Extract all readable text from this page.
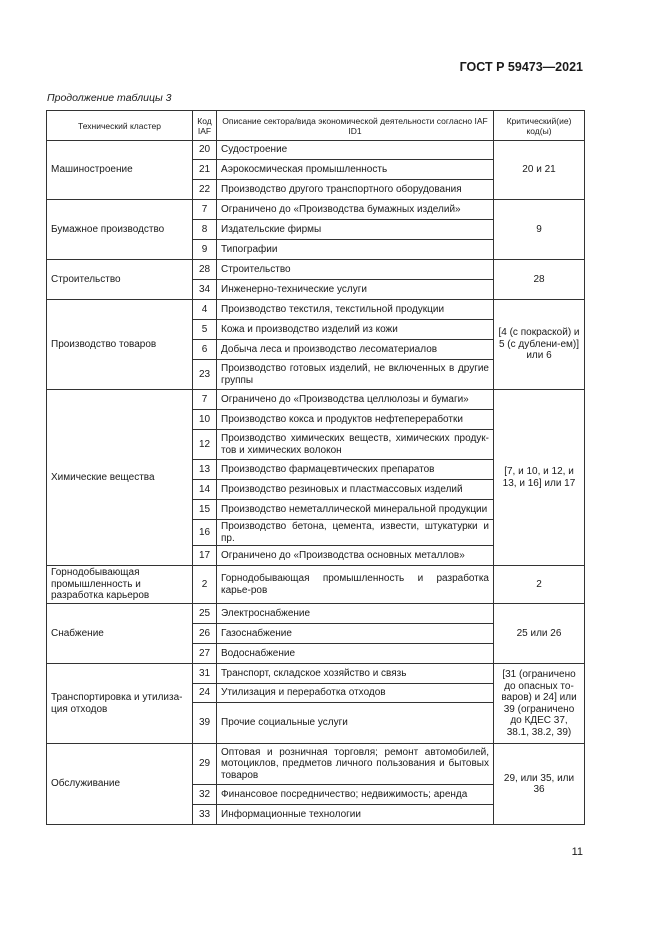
ГОСТ Р 59473—2021
Продолжение таблицы 3
Технический кластер	Код IAF	Описание сектора/вида экономической деятельности согласно IAF ID1	Критический(ие) код(ы)
Машиностроение	20	Судостроение	20 и 21
	21	Аэрокосмическая промышленность	
	22	Производство другого транспортного оборудования	
Бумажное производство	7	Ограничено до «Производства бумажных изделий»	9
	8	Издательские фирмы	
	9	Типографии	
Строительство	28	Строительство	28
	34	Инженерно-технические услуги	
Производство товаров	4	Производство текстиля, текстильной продукции	[4 (с покраской) и 5 (с дублени-ем)] или 6
	5	Кожа и производство изделий из кожи	
	6	Добыча леса и производство лесоматериалов	
	23	Производство готовых изделий, не включенных в другие группы	
Химические вещества	7	Ограничено до «Производства целлюлозы и бумаги»	[7, и 10, и 12, и 13, и 16] или 17
	10	Производство кокса и продуктов нефтепереработки	
	12	Производство химических веществ, химических продук-тов и химических волокон	
	13	Производство фармацевтических препаратов	
	14	Производство резиновых и пластмассовых изделий	
	15	Производство неметаллической минеральной продукции	
	16	Производство бетона, цемента, извести, штукатурки и пр.	
	17	Ограничено до «Производства основных металлов»	
Горнодобывающая промышленность и разработка карьеров	2	Горнодобывающая промышленность и разработка карье-ров	2
Снабжение	25	Электроснабжение	25 или 26
	26	Газоснабжение	
	27	Водоснабжение	
Транспортировка и утилиза-ция отходов	31	Транспорт, складское хозяйство и связь	[31 (ограничено до опасных то-варов) и 24] или 39 (ограничено до КДЕС 37, 38.1, 38.2, 39)
	24	Утилизация и переработка отходов	
	39	Прочие социальные услуги	
Обслуживание	29	Оптовая и розничная торговля; ремонт автомобилей, мотоциклов, предметов личного пользования и бытовых товаров	29, или 35, или 36
	32	Финансовое посредничество; недвижимость; аренда	
	33	Информационные технологии	
11
